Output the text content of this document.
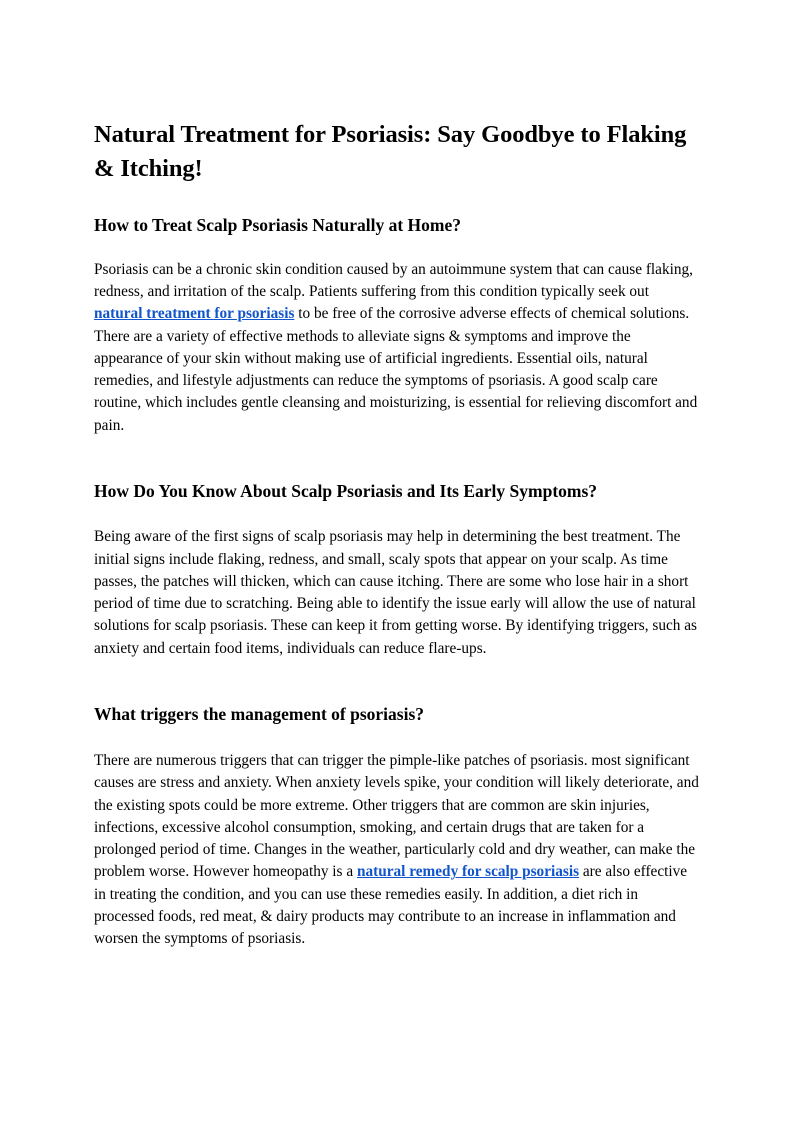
Natural Treatment for Psoriasis: Say Goodbye to Flaking & Itching!
How to Treat Scalp Psoriasis Naturally at Home?

Psoriasis can be a chronic skin condition caused by an autoimmune system that can cause flaking, redness, and irritation of the scalp. Patients suffering from this condition typically seek out natural treatment for psoriasis to be free of the corrosive adverse effects of chemical solutions. There are a variety of effective methods to alleviate signs & symptoms and improve the appearance of your skin without making use of artificial ingredients. Essential oils, natural remedies, and lifestyle adjustments can reduce the symptoms of psoriasis. A good scalp care routine, which includes gentle cleansing and moisturizing, is essential for relieving discomfort and pain.

How Do You Know About Scalp Psoriasis and Its Early Symptoms?

Being aware of the first signs of scalp psoriasis may help in determining the best treatment. The initial signs include flaking, redness, and small, scaly spots that appear on your scalp. As time passes, the patches will thicken, which can cause itching. There are some who lose hair in a short period of time due to scratching. Being able to identify the issue early will allow the use of natural solutions for scalp psoriasis. These can keep it from getting worse. By identifying triggers, such as anxiety and certain food items, individuals can reduce flare-ups.

What triggers the management of psoriasis?

There are numerous triggers that can trigger the pimple-like patches of psoriasis. most significant causes are stress and anxiety. When anxiety levels spike, your condition will likely deteriorate, and the existing spots could be more extreme. Other triggers that are common are skin injuries, infections, excessive alcohol consumption, smoking, and certain drugs that are taken for a prolonged period of time. Changes in the weather, particularly cold and dry weather, can make the problem worse. However homeopathy is a natural remedy for scalp psoriasis are also effective in treating the condition, and you can use these remedies easily. In addition, a diet rich in processed foods, red meat, & dairy products may contribute to an increase in inflammation and worsen the symptoms of psoriasis.
